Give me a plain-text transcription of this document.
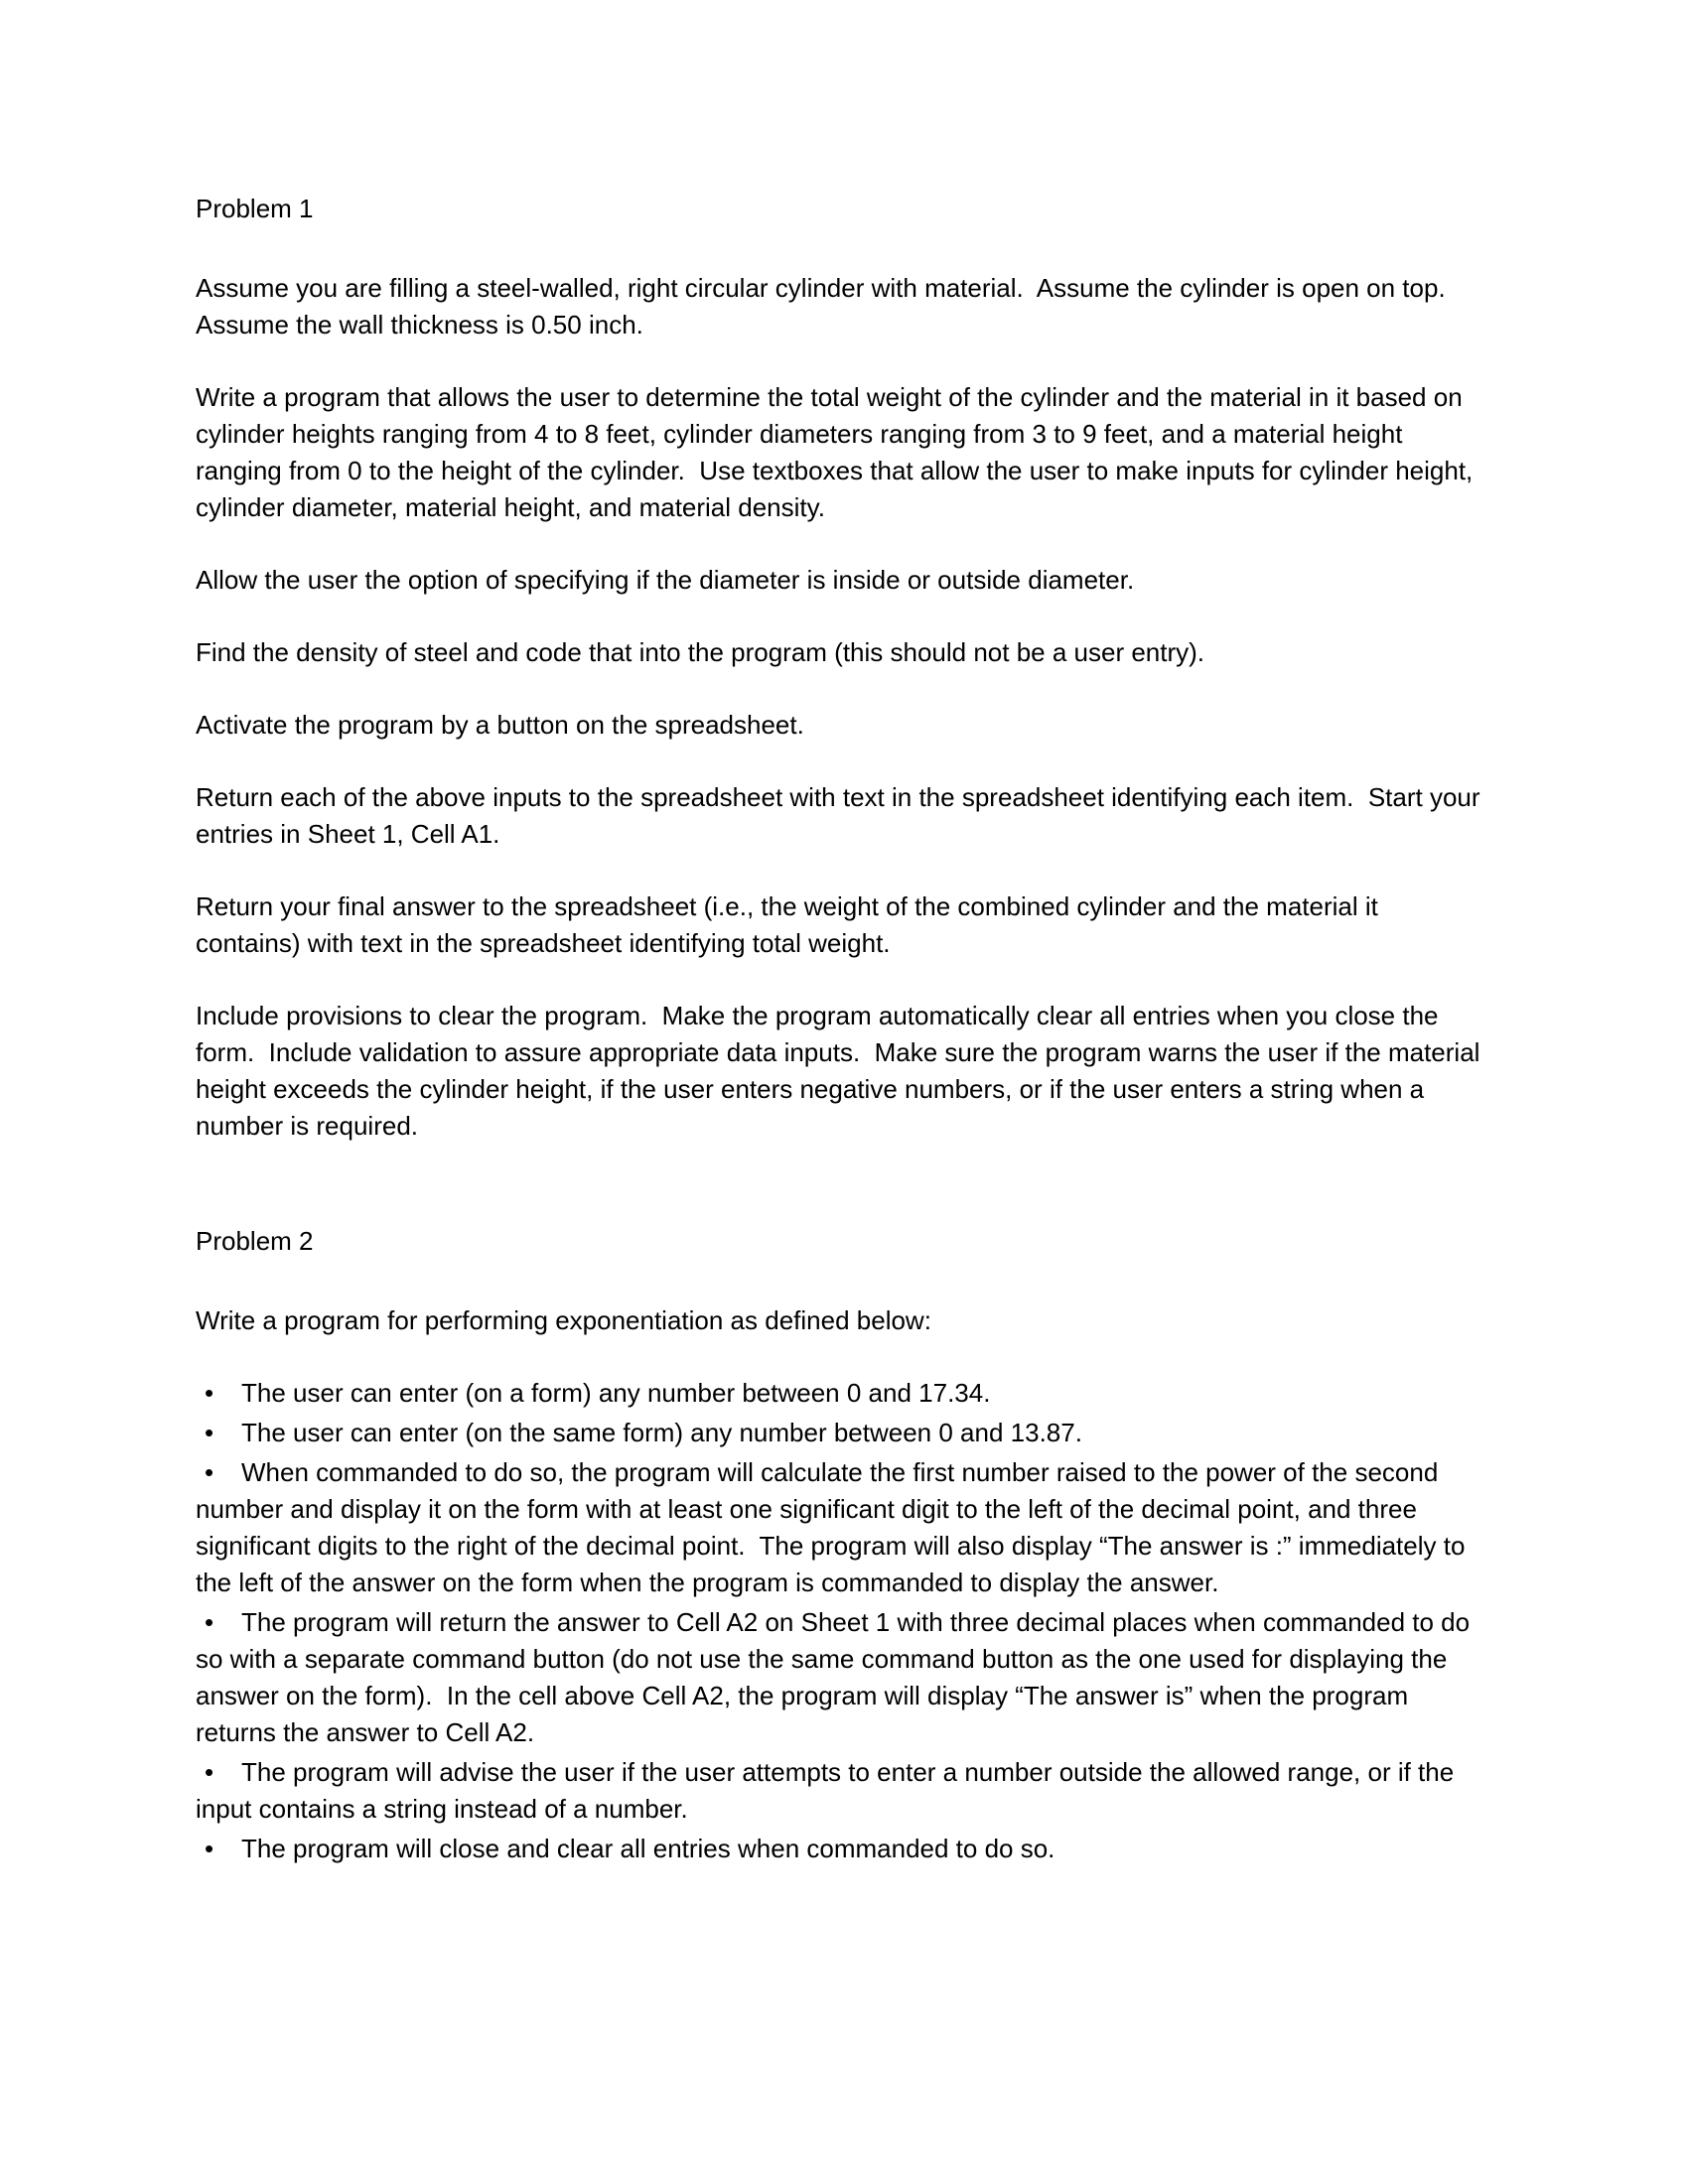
Problem 1

Assume you are filling a steel-walled, right circular cylinder with material.  Assume the cylinder is open on top.  Assume the wall thickness is 0.50 inch.

Write a program that allows the user to determine the total weight of the cylinder and the material in it based on cylinder heights ranging from 4 to 8 feet, cylinder diameters ranging from 3 to 9 feet, and a material height ranging from 0 to the height of the cylinder.  Use textboxes that allow the user to make inputs for cylinder height, cylinder diameter, material height, and material density.

Allow the user the option of specifying if the diameter is inside or outside diameter.

Find the density of steel and code that into the program (this should not be a user entry).

Activate the program by a button on the spreadsheet.

Return each of the above inputs to the spreadsheet with text in the spreadsheet identifying each item.  Start your entries in Sheet 1, Cell A1.

Return your final answer to the spreadsheet (i.e., the weight of the combined cylinder and the material it contains) with text in the spreadsheet identifying total weight.

Include provisions to clear the program.  Make the program automatically clear all entries when you close the form.  Include validation to assure appropriate data inputs.  Make sure the program warns the user if the material height exceeds the cylinder height, if the user enters negative numbers, or if the user enters a string when a number is required.

Problem 2

Write a program for performing exponentiation as defined below:

• The user can enter (on a form) any number between 0 and 17.34.

• The user can enter (on the same form) any number between 0 and 13.87.

• When commanded to do so, the program will calculate the first number raised to the power of the second number and display it on the form with at least one significant digit to the left of the decimal point, and three significant digits to the right of the decimal point.  The program will also display “The answer is :” immediately to the left of the answer on the form when the program is commanded to display the answer.

• The program will return the answer to Cell A2 on Sheet 1 with three decimal places when commanded to do so with a separate command button (do not use the same command button as the one used for displaying the answer on the form).  In the cell above Cell A2, the program will display “The answer is” when the program returns the answer to Cell A2.

• The program will advise the user if the user attempts to enter a number outside the allowed range, or if the input contains a string instead of a number.

• The program will close and clear all entries when commanded to do so.
